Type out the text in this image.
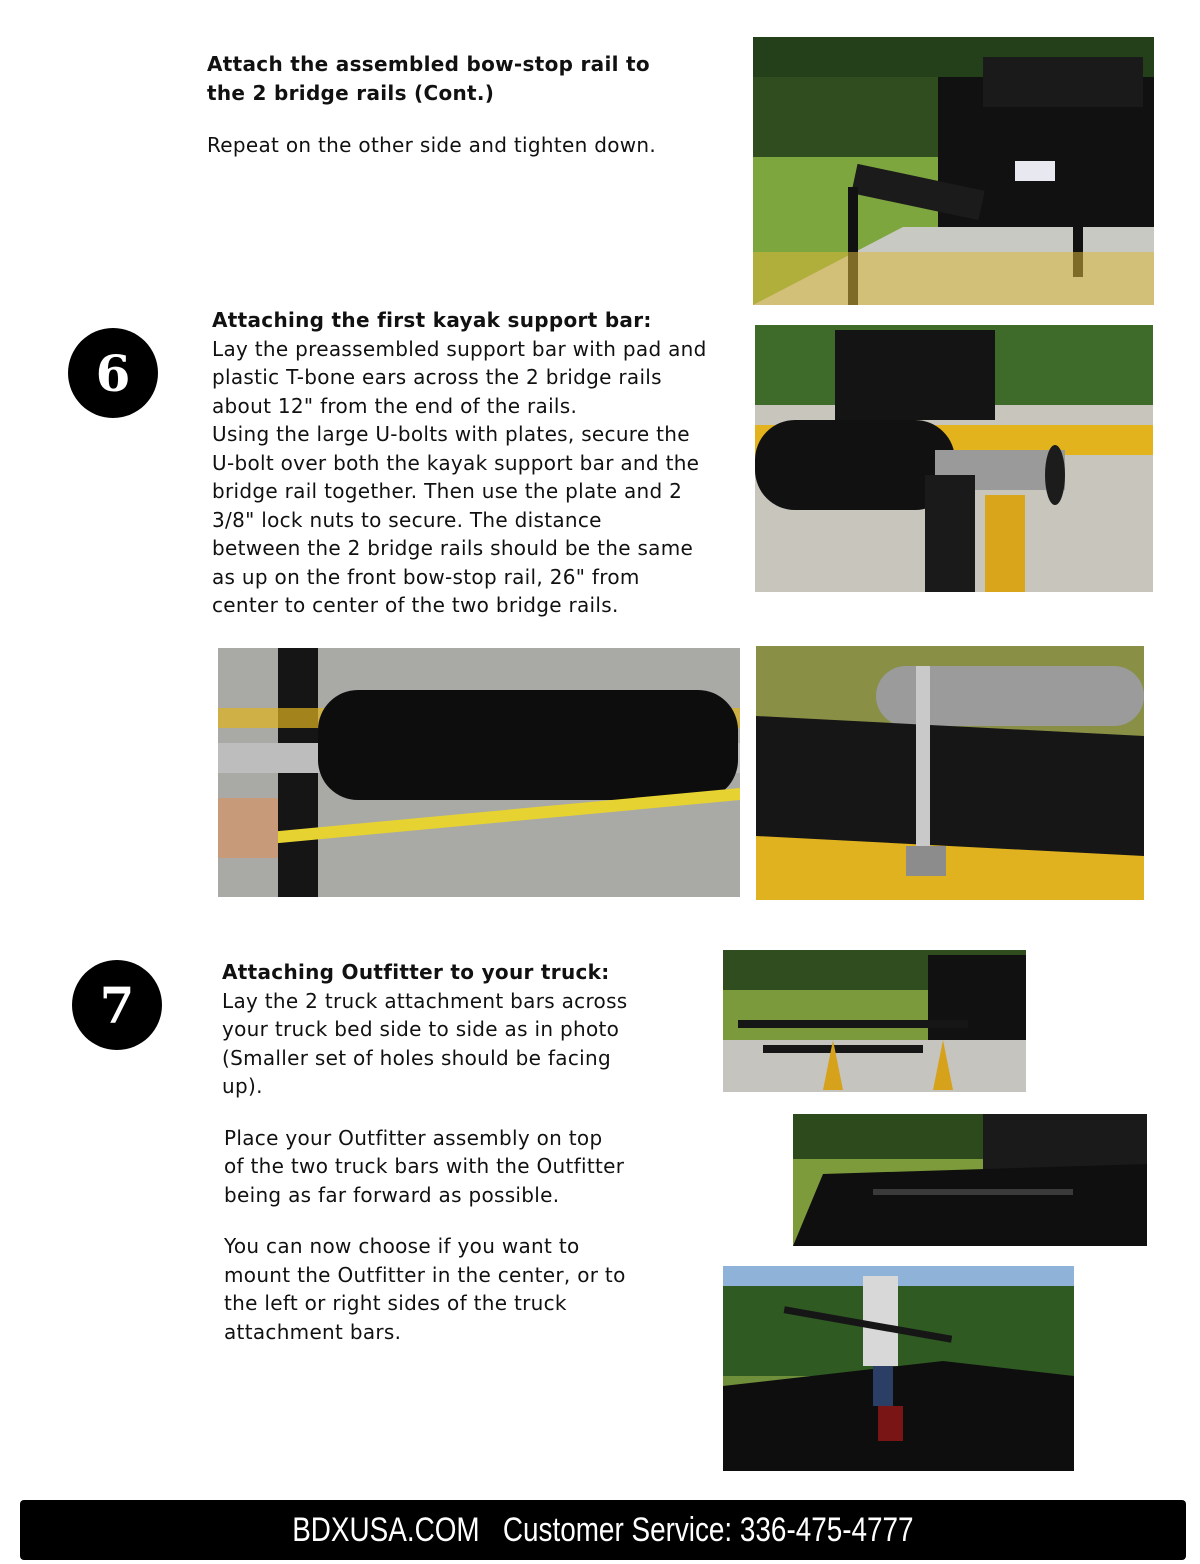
Attach the assembled bow-stop rail to
the 2 bridge rails (Cont.)
Repeat on the other side and tighten down.
6
Attaching the first kayak support bar:
Lay the preassembled support bar with pad and
plastic T-bone ears across the 2 bridge rails
about 12" from the end of the rails.
Using the large U-bolts with plates, secure the
U-bolt over both the kayak support bar and the
bridge rail together. Then use the plate and 2
3/8" lock nuts to secure. The distance
between the 2 bridge rails should be the same
as up on the front bow-stop rail, 26" from
center to center of the two bridge rails.
7
Attaching Outfitter to your truck:
Lay the 2 truck attachment bars across
your truck bed side to side as in photo
(Smaller set of holes should be facing
up).
Place your Outfitter assembly on top
of the two truck bars with the Outfitter
being as far forward as possible.
You can now choose if you want to
mount the Outfitter in the center, or to
the left or right sides of the truck
attachment bars.
BDXUSA.COM   Customer Service: 336-475-4777
